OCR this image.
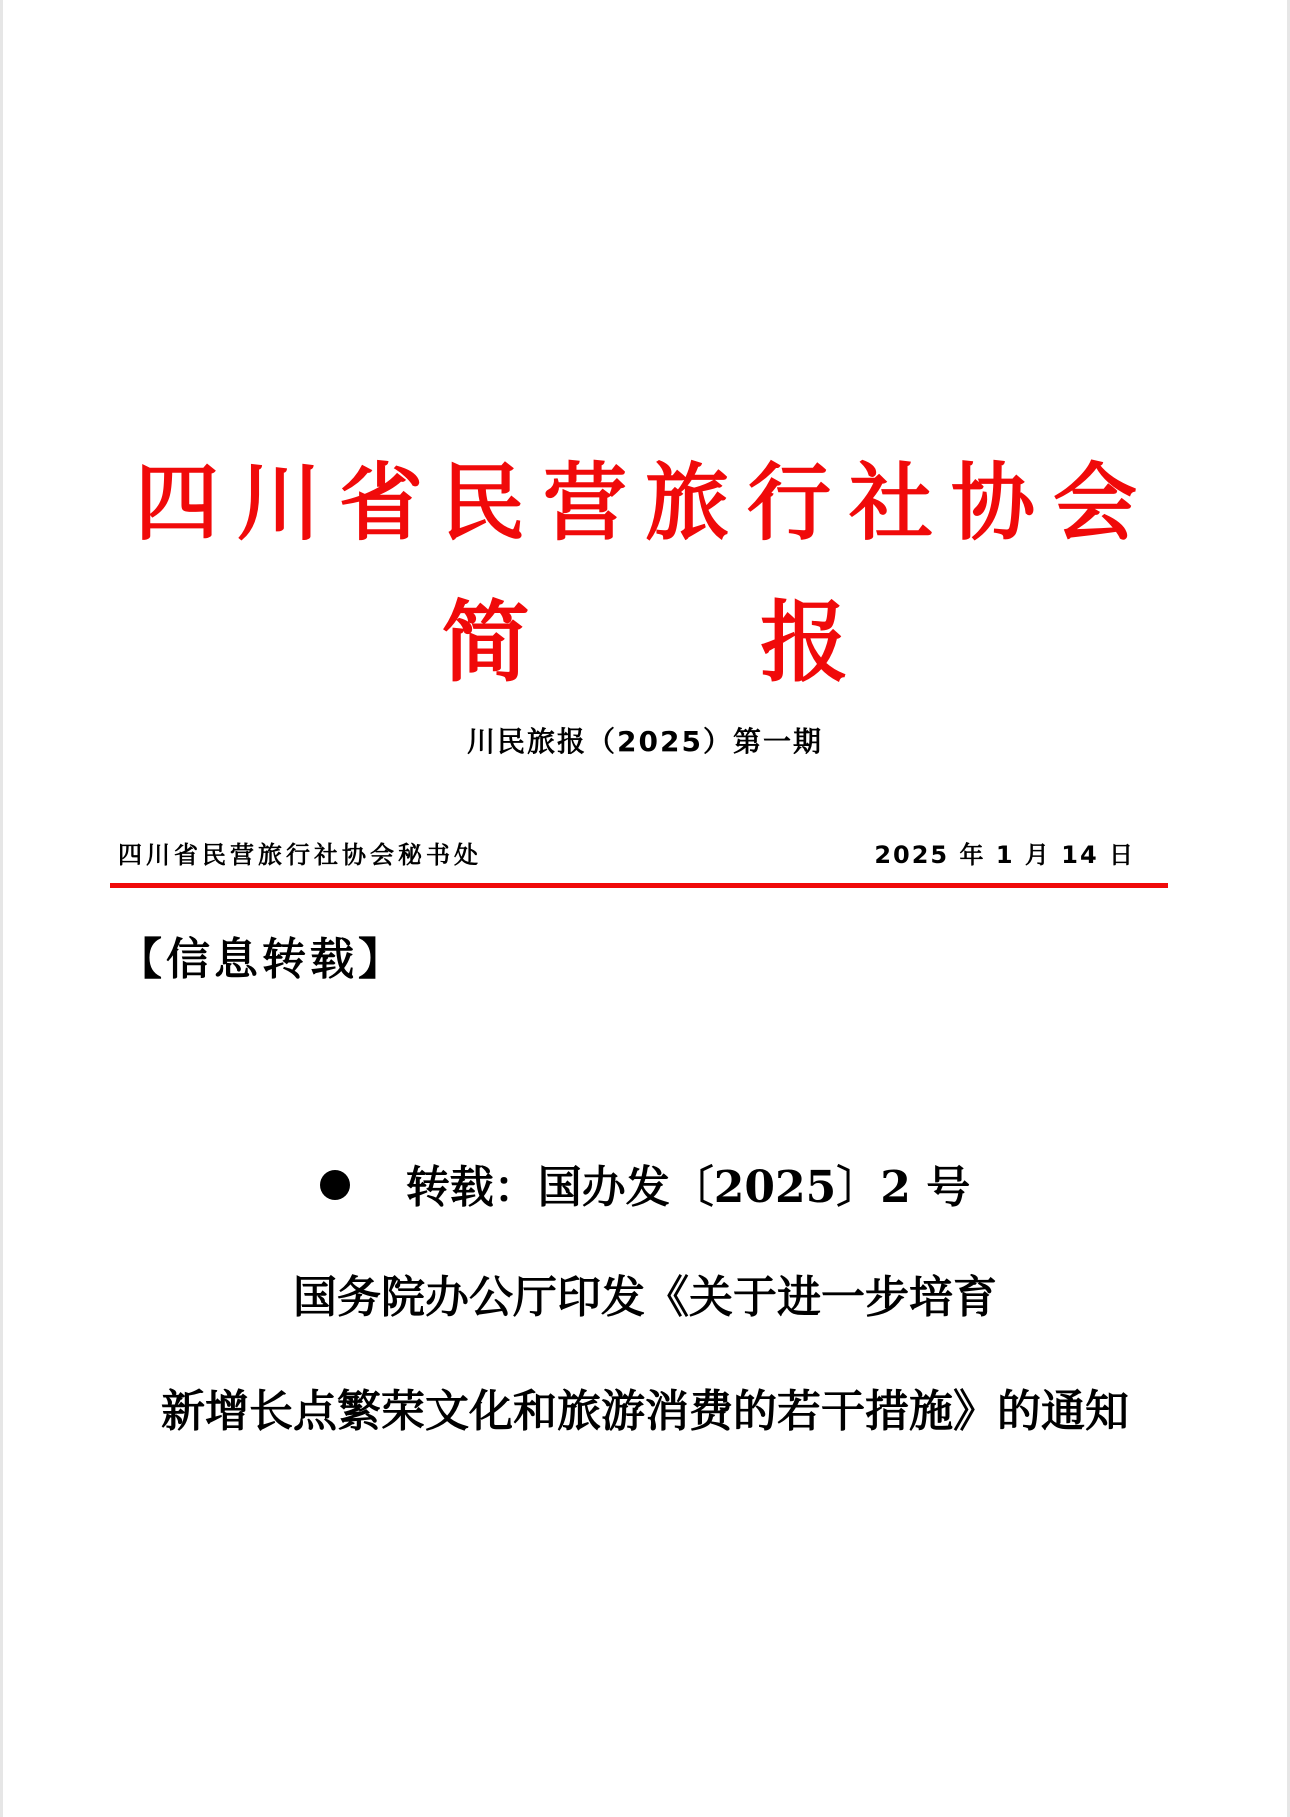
四川省民营旅行社协会
简 报
川民旅报（2025）第一期
四川省民营旅行社协会秘书处	2025 年 1 月 14 日
【信息转载】
转载：国办发〔2025〕2 号
国务院办公厅印发《关于进一步培育
新增长点繁荣文化和旅游消费的若干措施》的通知
